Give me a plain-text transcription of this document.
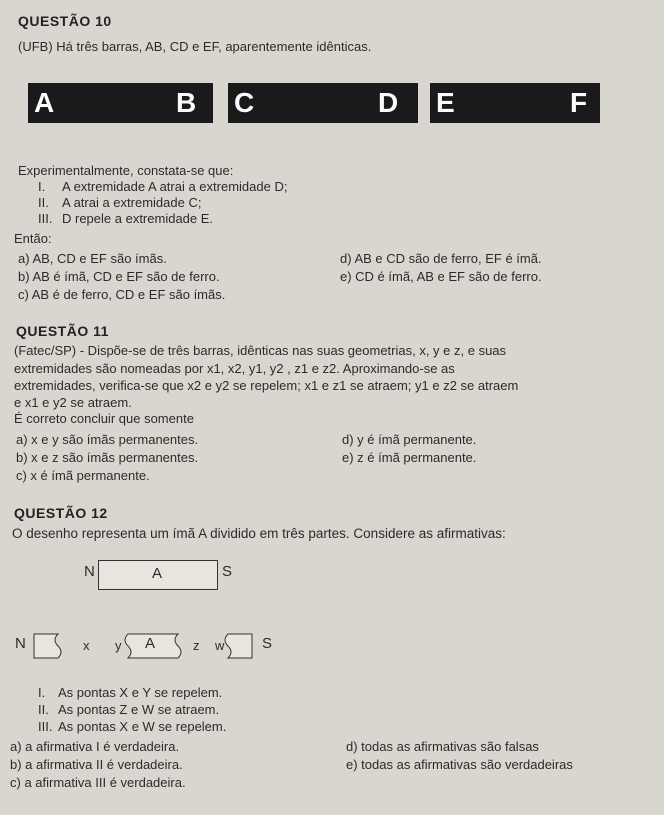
QUESTÃO 10
(UFB) Há três barras, AB, CD e EF, aparentemente idênticas.
A	B C	D E	F
Experimentalmente, constata-se que:
I. A extremidade A atrai a extremidade D;
II. A atrai a extremidade C;
III. D repele a extremidade E.
Então:
a) AB, CD e EF são ímãs.
b) AB é ímã, CD e EF são de ferro.
c) AB é de ferro, CD e EF são ímãs.
d) AB e CD são de ferro, EF é ímã.
e) CD é ímã, AB e EF são de ferro.
QUESTÃO 11
(Fatec/SP) - Dispõe-se de três barras, idênticas nas suas geometrias, x, y e z, e suas
extremidades são nomeadas por x1, x2, y1, y2 , z1 e z2. Aproximando-se as
extremidades, verifica-se que x2 e y2 se repelem; x1 e z1 se atraem; y1 e z2 se atraem
e x1 e y2 se atraem.
É correto concluir que somente
a) x e y são ímãs permanentes.
b) x e z são ímãs permanentes.
c) x é ímã permanente.
d) y é ímã permanente.
e) z é ímã permanente.
QUESTÃO 12
O desenho representa um ímã A dividido em três partes. Considere as afirmativas:
N	A	S
N	x y A	z w	S
I. As pontas X e Y se repelem.
II. As pontas Z e W se atraem.
III. As pontas X e W se repelem.
a) a afirmativa I é verdadeira.
b) a afirmativa II é verdadeira.
c) a afirmativa III é verdadeira.
d) todas as afirmativas são falsas
e) todas as afirmativas são verdadeiras
